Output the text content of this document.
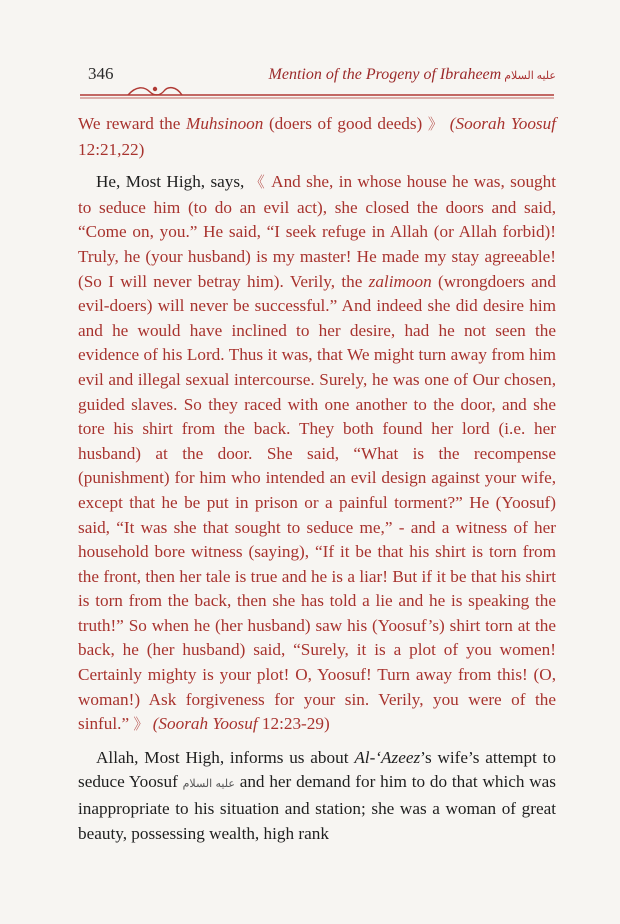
346	Mention of the Progeny of Ibraheem عليه السلام

We reward the Muhsinoon (doers of good deeds) 》 (Soorah Yoosuf 12:21,22)

He, Most High, says, 《 And she, in whose house he was, sought to seduce him (to do an evil act), she closed the doors and said, “Come on, you.” He said, “I seek refuge in Allah (or Allah forbid)! Truly, he (your husband) is my master! He made my stay agreeable! (So I will never betray him). Verily, the zalimoon (wrongdoers and evil-doers) will never be successful.” And indeed she did desire him and he would have inclined to her desire, had he not seen the evidence of his Lord. Thus it was, that We might turn away from him evil and illegal sexual intercourse. Surely, he was one of Our chosen, guided slaves. So they raced with one another to the door, and she tore his shirt from the back. They both found her lord (i.e. her husband) at the door. She said, “What is the recompense (punishment) for him who intended an evil design against your wife, except that he be put in prison or a painful torment?” He (Yoosuf) said, “It was she that sought to seduce me,” - and a witness of her household bore witness (saying), “If it be that his shirt is torn from the front, then her tale is true and he is a liar! But if it be that his shirt is torn from the back, then she has told a lie and he is speaking the truth!” So when he (her husband) saw his (Yoosuf’s) shirt torn at the back, he (her husband) said, “Surely, it is a plot of you women! Certainly mighty is your plot! O, Yoosuf! Turn away from this! (O, woman!) Ask forgiveness for your sin. Verily, you were of the sinful.” 》 (Soorah Yoosuf 12:23-29)

Allah, Most High, informs us about Al-‘Azeez’s wife’s attempt to seduce Yoosuf عليه السلام and her demand for him to do that which was inappropriate to his situation and station; she was a woman of great beauty, possessing wealth, high rank
